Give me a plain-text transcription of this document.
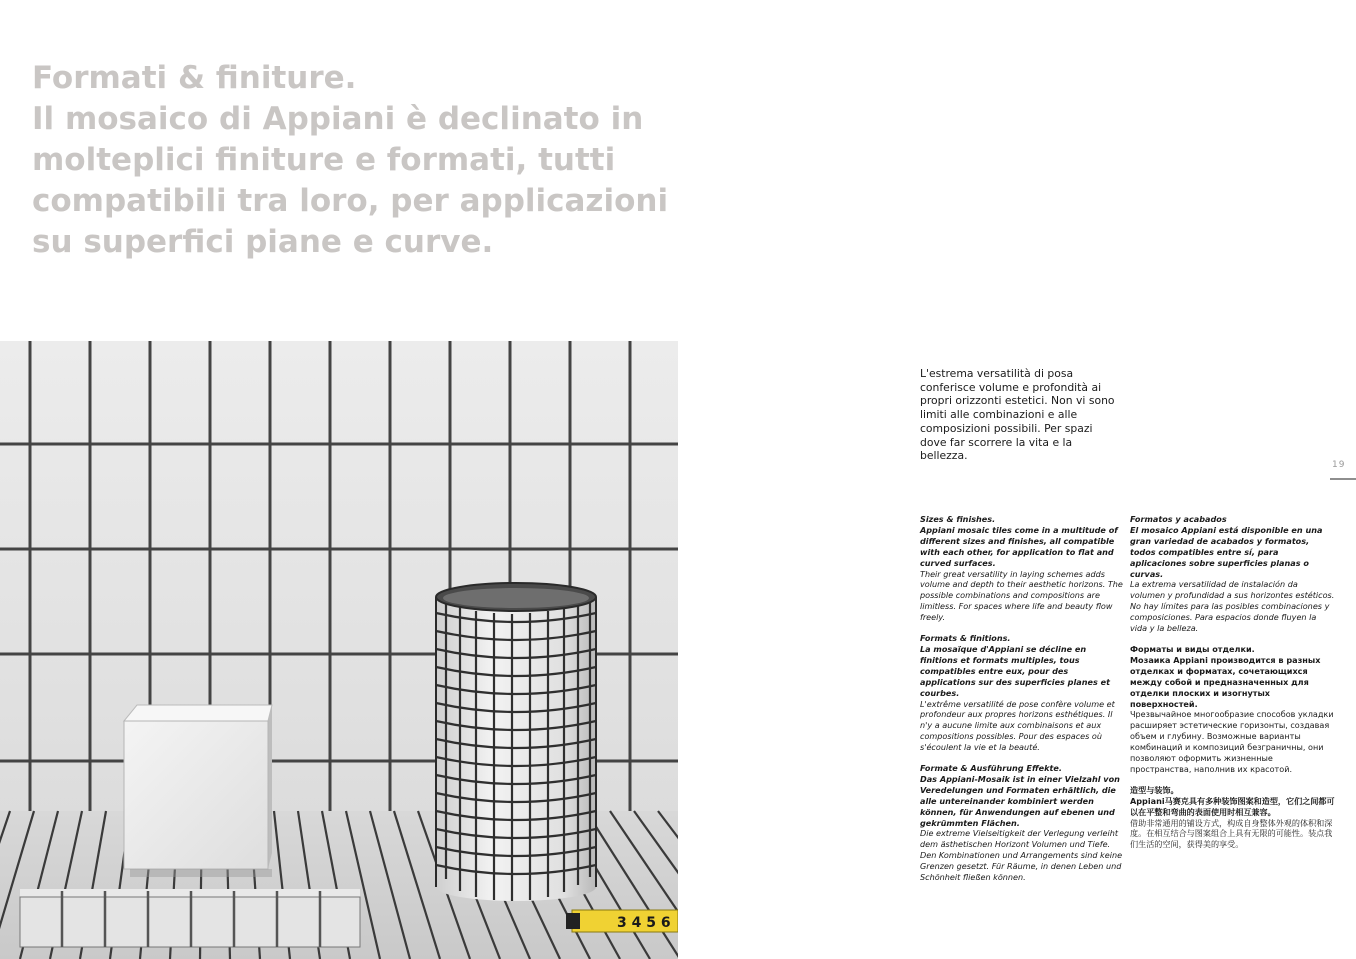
Formati & finiture.
Il mosaico di Appiani è declinato in
molteplici finiture e formati, tutti
compatibili tra loro, per applicazioni
su superfici piane e curve.
3 4 5 6

L'estrema versatilità di posa conferisce volume e profondità ai propri orizzonti estetici. Non vi sono limiti alle combinazioni e alle composizioni possibili. Per spazi dove far scorrere la vita e la bellezza.

19
Sizes & finishes.
Appiani mosaic tiles come in a multitude of different sizes and finishes, all compatible with each other, for application to flat and curved surfaces.
Their great versatility in laying schemes adds volume and depth to their aesthetic horizons. The possible combinations and compositions are limitless. For spaces where life and beauty flow freely.
Formats & finitions.
La mosaïque d'Appiani se décline en finitions et formats multiples, tous compatibles entre eux, pour des applications sur des superficies planes et courbes.
L'extrême versatilité de pose confère volume et profondeur aux propres horizons esthétiques. Il n'y a aucune limite aux combinaisons et aux compositions possibles. Pour des espaces où s'écoulent la vie et la beauté.
Formate & Ausführung Effekte.
Das Appiani-Mosaik ist in einer Vielzahl von Veredelungen und Formaten erhältlich, die alle untereinander kombiniert werden können, für Anwendungen auf ebenen und gekrümmten Flächen.
Die extreme Vielseitigkeit der Verlegung verleiht dem ästhetischen Horizont Volumen und Tiefe. Den Kombinationen und Arrangements sind keine Grenzen gesetzt. Für Räume, in denen Leben und Schönheit fließen können.
Formatos y acabados
El mosaico Appiani está disponible en una gran variedad de acabados y formatos, todos compatibles entre sí, para aplicaciones sobre superficies planas o curvas.
La extrema versatilidad de instalación da volumen y profundidad a sus horizontes estéticos. No hay límites para las posibles combinaciones y composiciones. Para espacios donde fluyen la vida y la belleza.
Форматы и виды отделки.
Мозаика Appiani производится в разных отделках и форматах, сочетающихся между собой и предназначенных для отделки плоских и изогнутых поверхностей.
Чрезвычайное многообразие способов укладки расширяет эстетические горизонты, создавая объем и глубину. Возможные варианты комбинаций и композиций безграничны, они позволяют оформить жизненные пространства, наполнив их красотой.
造型与装饰。
Appiani马赛克具有多种装饰图案和造型，它们之间都可以在平整和弯曲的表面使用时相互兼容。
借助非常通用的铺设方式，构成自身整体外观的体积和深度。在相互结合与图案组合上具有无限的可能性。装点我们生活的空间，获得美的享受。
